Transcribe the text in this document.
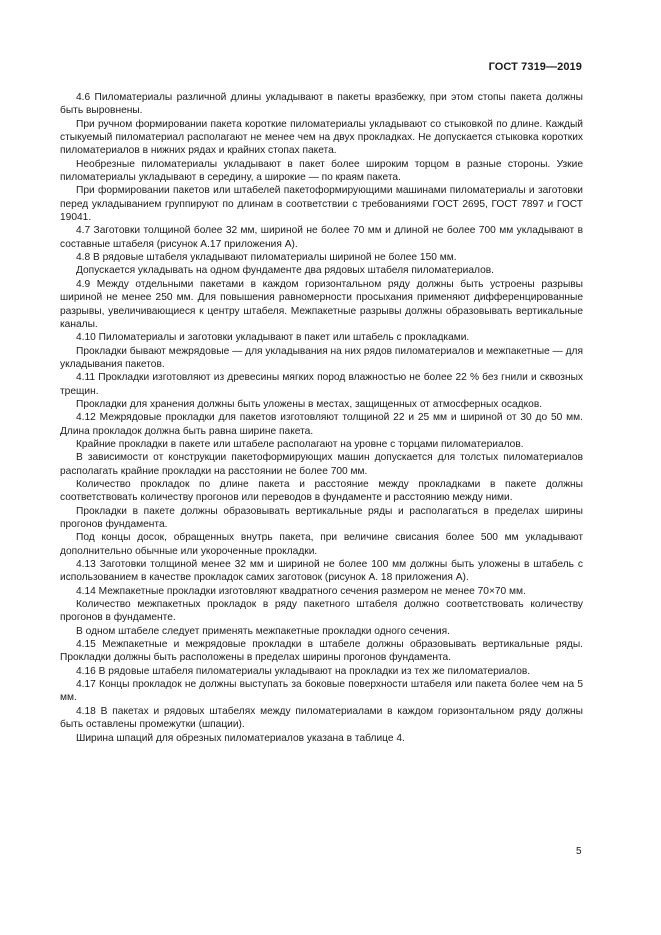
ГОСТ 7319—2019

4.6 Пиломатериалы различной длины укладывают в пакеты вразбежку, при этом стопы пакета должны быть выровнены.

При ручном формировании пакета короткие пиломатериалы укладывают со стыковкой по длине. Каждый стыкуемый пиломатериал располагают не менее чем на двух прокладках. Не допускается стыковка коротких пиломатериалов в нижних рядах и крайних стопах пакета.

Необрезные пиломатериалы укладывают в пакет более широким торцом в разные стороны. Узкие пиломатериалы укладывают в середину, а широкие — по краям пакета.

При формировании пакетов или штабелей пакетоформирующими машинами пиломатериалы и заготовки перед укладыванием группируют по длинам в соответствии с требованиями ГОСТ 2695, ГОСТ 7897 и ГОСТ 19041.

4.7 Заготовки толщиной более 32 мм, шириной не более 70 мм и длиной не более 700 мм укладывают в составные штабеля (рисунок А.17 приложения А).

4.8 В рядовые штабеля укладывают пиломатериалы шириной не более 150 мм.

Допускается укладывать на одном фундаменте два рядовых штабеля пиломатериалов.

4.9 Между отдельными пакетами в каждом горизонтальном ряду должны быть устроены разрывы шириной не менее 250 мм. Для повышения равномерности просыхания применяют дифференцированные разрывы, увеличивающиеся к центру штабеля. Межпакетные разрывы должны образовывать вертикальные каналы.

4.10 Пиломатериалы и заготовки укладывают в пакет или штабель с прокладками.

Прокладки бывают межрядовые — для укладывания на них рядов пиломатериалов и межпакетные — для укладывания пакетов.

4.11 Прокладки изготовляют из древесины мягких пород влажностью не более 22 % без гнили и сквозных трещин.

Прокладки для хранения должны быть уложены в местах, защищенных от атмосферных осадков.

4.12 Межрядовые прокладки для пакетов изготовляют толщиной 22 и 25 мм и шириной от 30 до 50 мм. Длина прокладок должна быть равна ширине пакета.

Крайние прокладки в пакете или штабеле располагают на уровне с торцами пиломатериалов.

В зависимости от конструкции пакетоформирующих машин допускается для толстых пиломатериалов располагать крайние прокладки на расстоянии не более 700 мм.

Количество прокладок по длине пакета и расстояние между прокладками в пакете должны соответствовать количеству прогонов или переводов в фундаменте и расстоянию между ними.

Прокладки в пакете должны образовывать вертикальные ряды и располагаться в пределах ширины прогонов фундамента.

Под концы досок, обращенных внутрь пакета, при величине свисания более 500 мм укладывают дополнительно обычные или укороченные прокладки.

4.13 Заготовки толщиной менее 32 мм и шириной не более 100 мм должны быть уложены в штабель с использованием в качестве прокладок самих заготовок (рисунок А. 18 приложения А).

4.14 Межпакетные прокладки изготовляют квадратного сечения размером не менее 70×70 мм.

Количество межпакетных прокладок в ряду пакетного штабеля должно соответствовать количеству прогонов в фундаменте.

В одном штабеле следует применять межпакетные прокладки одного сечения.

4.15 Межпакетные и межрядовые прокладки в штабеле должны образовывать вертикальные ряды. Прокладки должны быть расположены в пределах ширины прогонов фундамента.

4.16 В рядовые штабеля пиломатериалы укладывают на прокладки из тех же пиломатериалов.

4.17 Концы прокладок не должны выступать за боковые поверхности штабеля или пакета более чем на 5 мм.

4.18 В пакетах и рядовых штабелях между пиломатериалами в каждом горизонтальном ряду должны быть оставлены промежутки (шпации).

Ширина шпаций для обрезных пиломатериалов указана в таблице 4.

5
